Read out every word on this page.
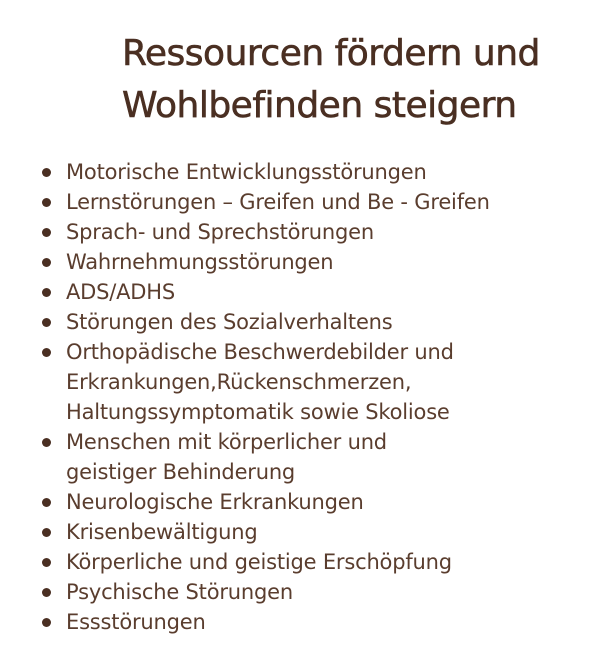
Ressourcen fördern und
Wohlbefinden steigern
Motorische Entwicklungsstörungen
Lernstörungen – Greifen und Be - Greifen
Sprach- und Sprechstörungen
Wahrnehmungsstörungen
ADS/ADHS
Störungen des Sozialverhaltens
Orthopädische Beschwerdebilder und
Erkrankungen,Rückenschmerzen,
Haltungssymptomatik sowie Skoliose
Menschen mit körperlicher und
geistiger Behinderung
Neurologische Erkrankungen
Krisenbewältigung
Körperliche und geistige Erschöpfung
Psychische Störungen
Essstörungen
